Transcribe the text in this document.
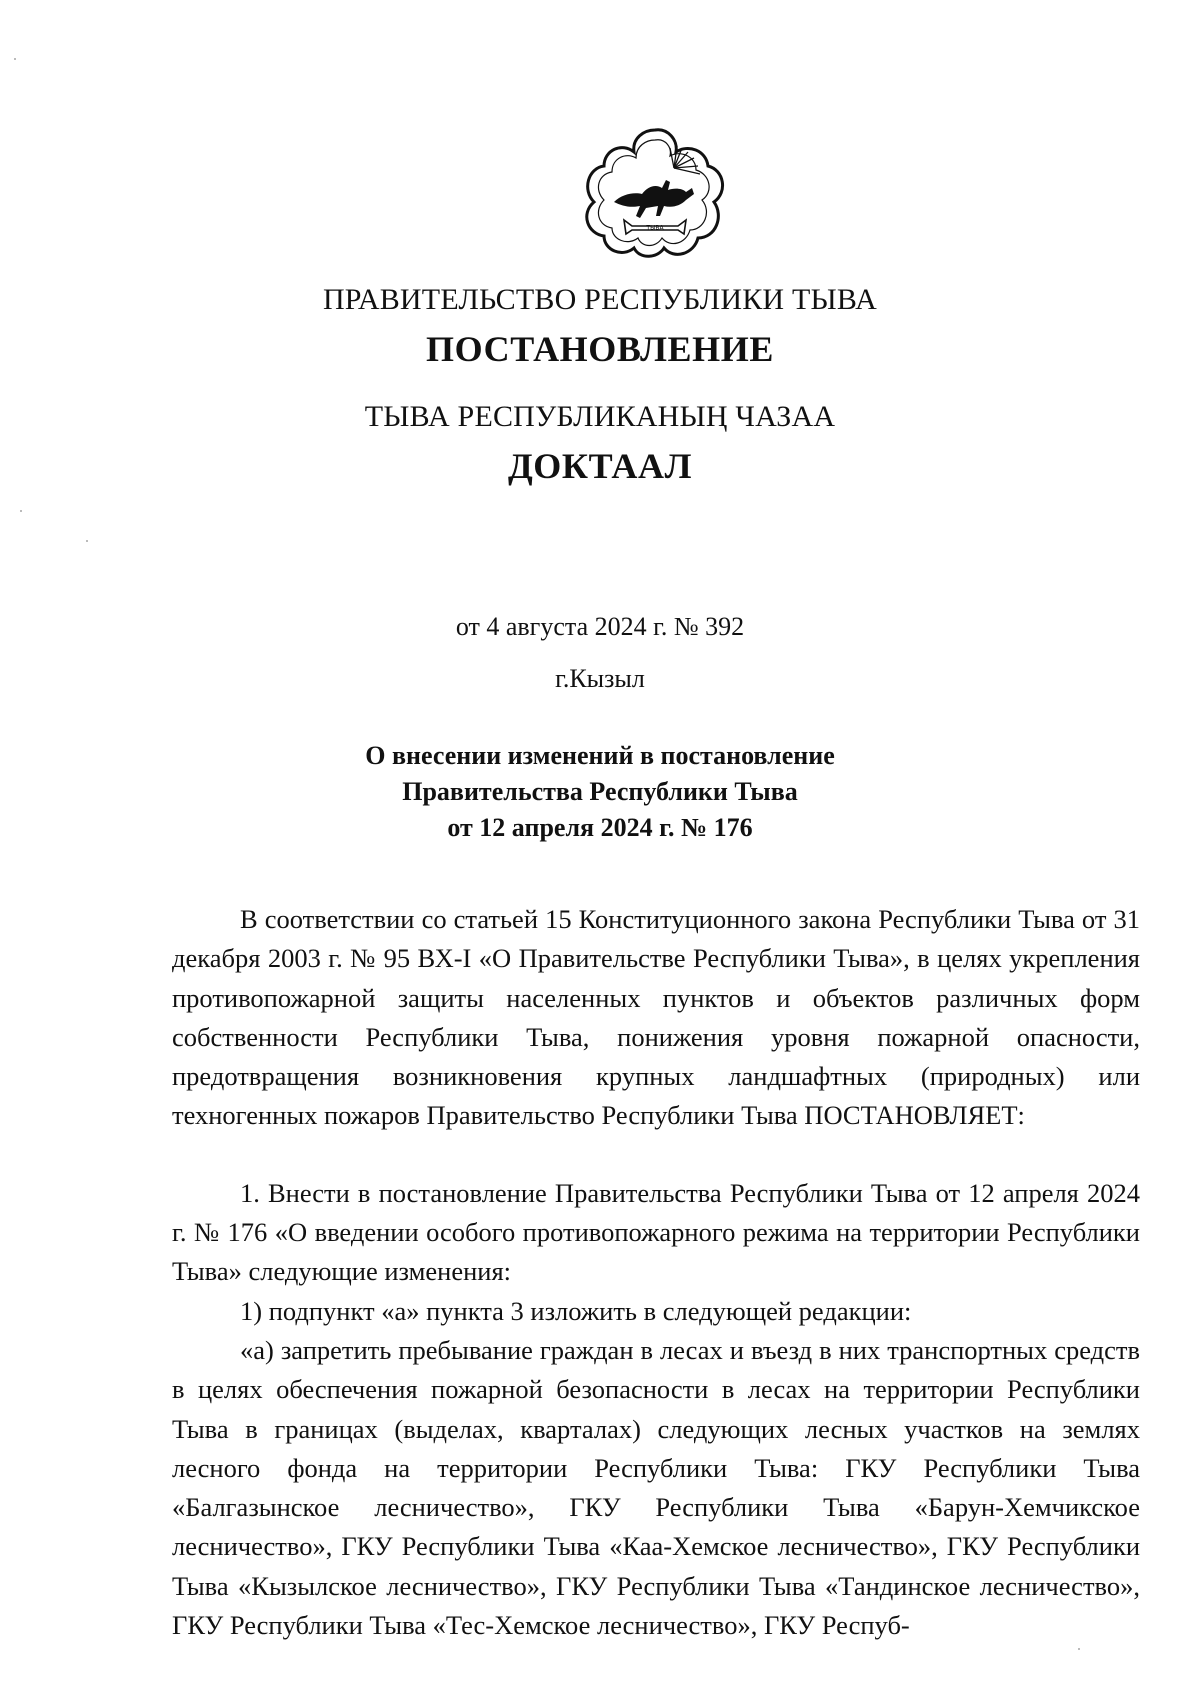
ТЫВА
ПРАВИТЕЛЬСТВО РЕСПУБЛИКИ ТЫВА
ПОСТАНОВЛЕНИЕ
ТЫВА РЕСПУБЛИКАНЫҢ ЧАЗАА
ДОКТААЛ
от 4 августа 2024 г. № 392
г.Кызыл
О внесении изменений в постановление
Правительства Республики Тыва
от 12 апреля 2024 г. № 176

В соответствии со статьей 15 Конституционного закона Республики Тыва от 31 декабря 2003 г. № 95 ВХ-I «О Правительстве Республики Тыва», в целях укрепления противопожарной защиты населенных пунктов и объектов различных форм собственности Республики Тыва, понижения уровня пожарной опасности, предотвращения возникновения крупных ландшафтных (природных) или техногенных пожаров Правительство Республики Тыва ПОСТАНОВЛЯЕТ:

1. Внести в постановление Правительства Республики Тыва от 12 апреля 2024 г. № 176 «О введении особого противопожарного режима на территории Республики Тыва» следующие изменения:

1) подпункт «а» пункта 3 изложить в следующей редакции:

«а) запретить пребывание граждан в лесах и въезд в них транспортных средств в целях обеспечения пожарной безопасности в лесах на территории Республики Тыва в границах (выделах, кварталах) следующих лесных участков на землях лесного фонда на территории Республики Тыва: ГКУ Республики Тыва «Балгазынское лесничество», ГКУ Республики Тыва «Барун-Хемчикское лесничество», ГКУ Республики Тыва «Каа-Хемское лесничество», ГКУ Республики Тыва «Кызылское лесничество», ГКУ Республики Тыва «Тандинское лесничество», ГКУ Республики Тыва «Тес-Хемское лесничество», ГКУ Респуб-
